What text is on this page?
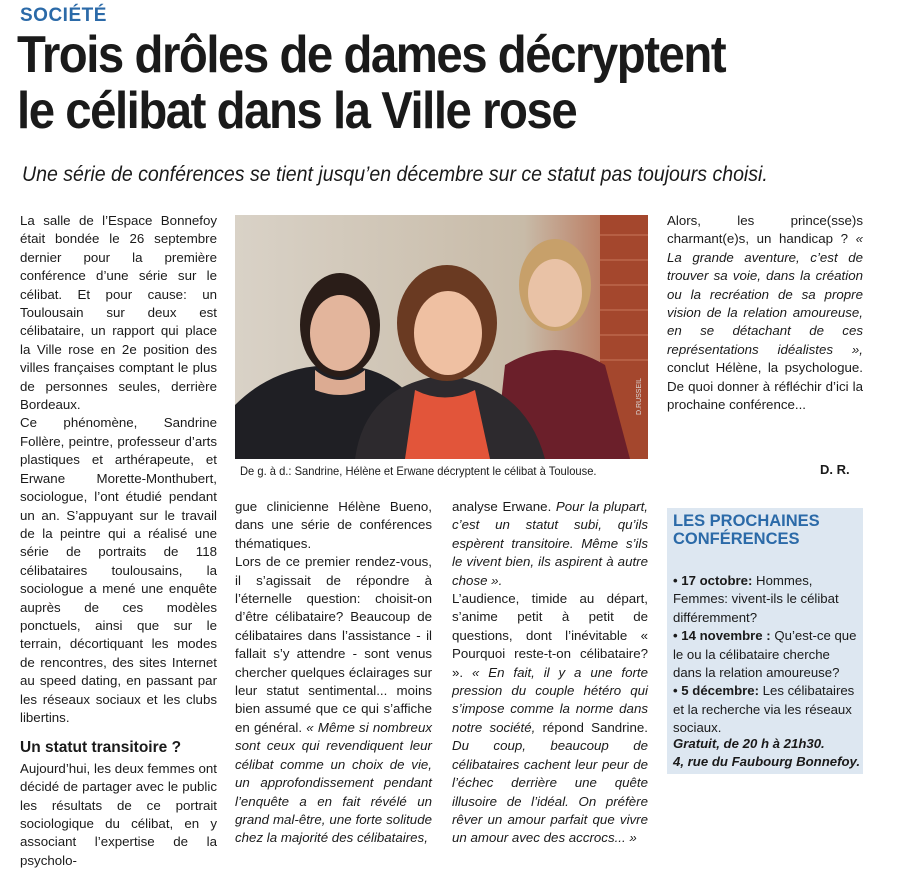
SOCIÉTÉ
Trois drôles de dames décryptent
le célibat dans la Ville rose
Une série de conférences se tient jusqu’en décembre sur ce statut pas toujours choisi.

La salle de l’Espace Bonnefoy était bondée le 26 septembre dernier pour la première conférence d’une série sur le célibat. Et pour cause: un Toulousain sur deux est célibataire, un rapport qui place la Ville rose en 2e position des villes françaises comptant le plus de personnes seules, derrière Bordeaux.

Ce phénomène, Sandrine Follère, peintre, professeur d’arts plastiques et arthérapeute, et Erwane Morette-Monthubert, sociologue, l’ont étudié pendant un an. S’appuyant sur le travail de la peintre qui a réalisé une série de portraits de 118 célibataires toulousains, la sociologue a mené une enquête auprès de ces modèles ponctuels, ainsi que sur le terrain, décortiquant les modes de rencontres, des sites Internet au speed dating, en passant par les réseaux sociaux et les clubs libertins.

Un statut transitoire ?

Aujourd’hui, les deux femmes ont décidé de partager avec le public les résultats de ce portrait sociologique du célibat, en y associant l’expertise de la psycholo-

D.RUSSEIL
De g. à d.: Sandrine, Hélène et Erwane décryptent le célibat à Toulouse.

gue clinicienne Hélène Bueno, dans une série de conférences thématiques.

Lors de ce premier rendez-vous, il s’agissait de répondre à l’éternelle question: choisit-on d’être célibataire? Beaucoup de célibataires dans l’assistance - il fallait s’y attendre - sont venus chercher quelques éclairages sur leur statut sentimental... moins bien assumé que ce qui s’affiche en général. « Même si nombreux sont ceux qui revendiquent leur célibat comme un choix de vie, un approfondissement pendant l’enquête a en fait révélé un grand mal-être, une forte solitude chez la majorité des célibataires,

analyse Erwane. Pour la plupart, c’est un statut subi, qu’ils espèrent transitoire. Même s’ils le vivent bien, ils aspirent à autre chose ».

L’audience, timide au départ, s’anime petit à petit de questions, dont l’inévitable « Pourquoi reste-t-on célibataire? ». « En fait, il y a une forte pression du couple hétéro qui s’impose comme la norme dans notre société, répond Sandrine. Du coup, beaucoup de célibataires cachent leur peur de l’échec derrière une quête illusoire de l’idéal. On préfère rêver un amour parfait que vivre un amour avec des accrocs... »

Alors, les prince(sse)s charmant(e)s, un handicap ? « La grande aventure, c’est de trouver sa voie, dans la création ou la recréation de sa propre vision de la relation amoureuse, en se détachant de ces représentations idéalistes », conclut Hélène, la psychologue. De quoi donner à réfléchir d’ici la prochaine conférence...

D. R.
LES PROCHAINES CONFÉRENCES
• 17 octobre: Hommes, Femmes: vivent-ils le célibat différemment?
• 14 novembre : Qu’est-ce que le ou la célibataire cherche dans la relation amoureuse?
• 5 décembre: Les célibataires et la recherche via les réseaux sociaux.
Gratuit, de 20 h à 21h30.
4, rue du Faubourg Bonnefoy.
